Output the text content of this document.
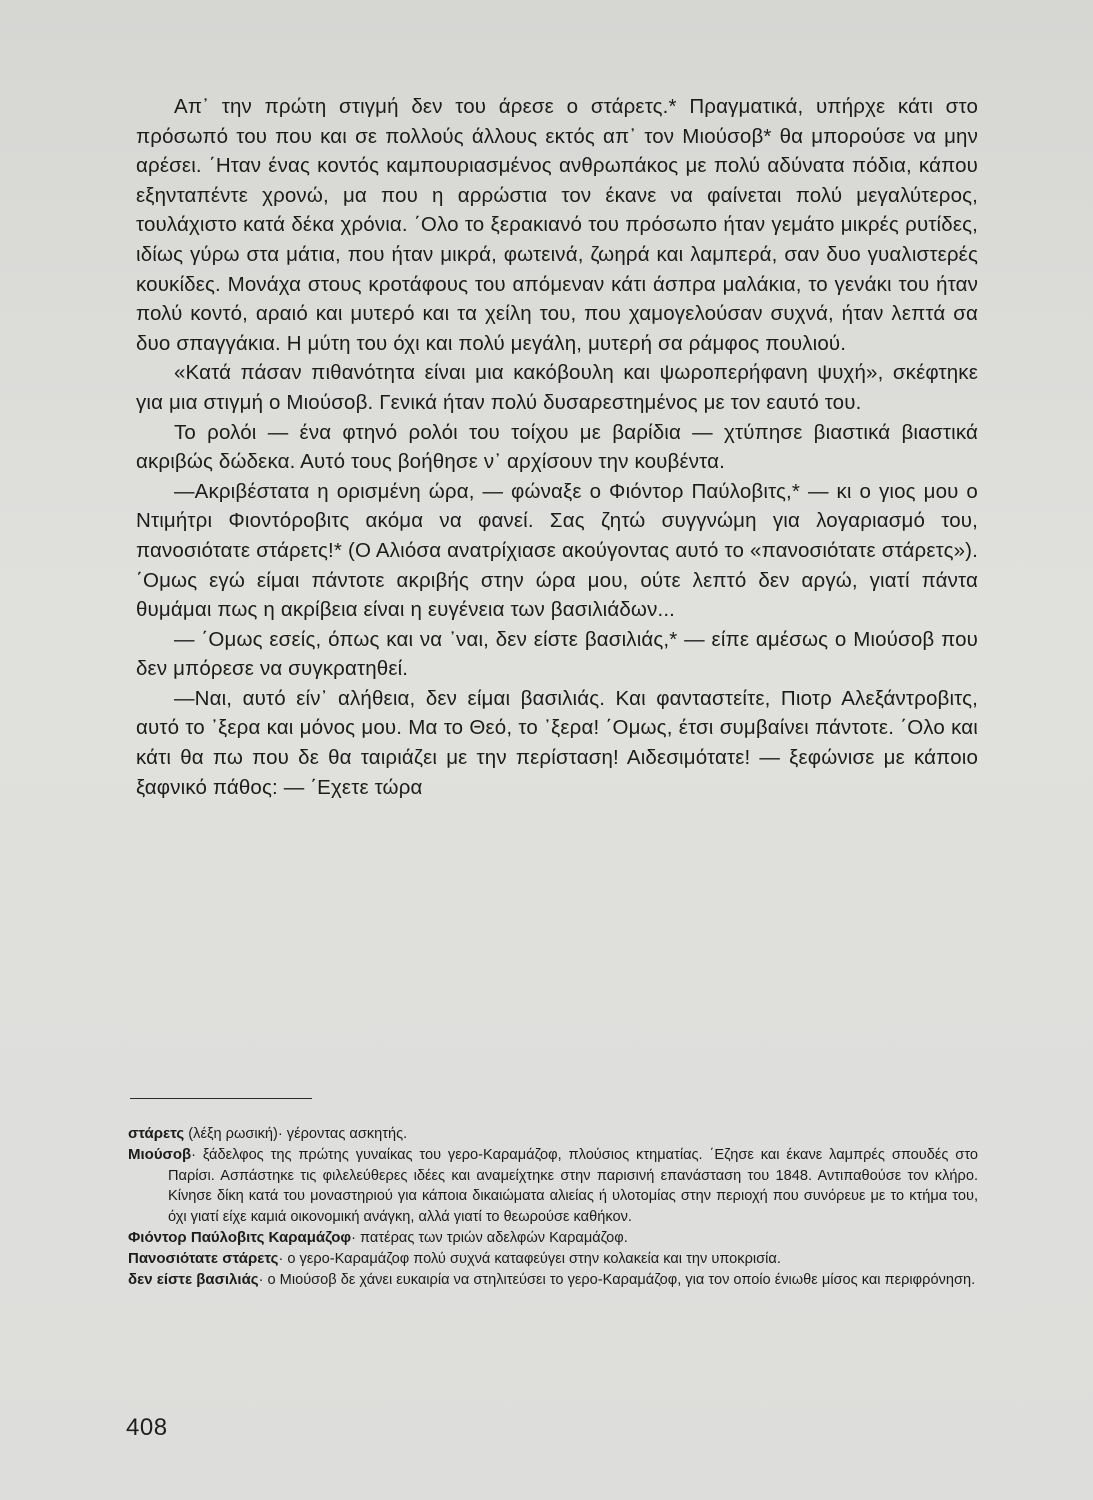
Απ᾿ την πρώτη στιγμή δεν του άρεσε ο στάρετς.* Πραγματικά, υπήρχε κάτι στο πρόσωπό του που και σε πολλούς άλλους εκτός απ᾿ τον Μιούσοβ* θα μπορούσε να μην αρέσει. ΄Ηταν ένας κοντός καμπουριασμένος ανθρωπάκος με πολύ αδύνατα πόδια, κάπου εξηνταπέντε χρονώ, μα που η αρρώστια τον έκανε να φαίνεται πολύ μεγαλύτερος, τουλάχιστο κατά δέκα χρόνια. ΄Ολο το ξερακιανό του πρόσωπο ήταν γεμάτο μικρές ρυτίδες, ιδίως γύρω στα μάτια, που ήταν μικρά, φωτεινά, ζωηρά και λαμπερά, σαν δυο γυαλιστερές κουκίδες. Μονάχα στους κροτάφους του απόμεναν κάτι άσπρα μαλάκια, το γενάκι του ήταν πολύ κοντό, αραιό και μυτερό και τα χείλη του, που χαμογελούσαν συχνά, ήταν λεπτά σα δυο σπαγγάκια. Η μύτη του όχι και πολύ μεγάλη, μυτερή σα ράμφος πουλιού.

«Κατά πάσαν πιθανότητα είναι μια κακόβουλη και ψωροπερήφανη ψυχή», σκέφτηκε για μια στιγμή ο Μιούσοβ. Γενικά ήταν πολύ δυσαρεστημένος με τον εαυτό του.

Το ρολόι — ένα φτηνό ρολόι του τοίχου με βαρίδια — χτύπησε βιαστικά βιαστικά ακριβώς δώδεκα. Αυτό τους βοήθησε ν᾿ αρχίσουν την κουβέντα.

—Ακριβέστατα η ορισμένη ώρα, — φώναξε ο Φιόντορ Παύλοβιτς,* — κι ο γιος μου ο Ντιμήτρι Φιοντόροβιτς ακόμα να φανεί. Σας ζητώ συγγνώμη για λογαριασμό του, πανοσιότατε στάρετς!* (Ο Αλιόσα ανατρίχιασε ακούγοντας αυτό το «πανοσιότατε στάρετς»). ΄Ομως εγώ είμαι πάντοτε ακριβής στην ώρα μου, ούτε λεπτό δεν αργώ, γιατί πάντα θυμάμαι πως η ακρίβεια είναι η ευγένεια των βασιλιάδων...

— ΄Ομως εσείς, όπως και να ᾿ναι, δεν είστε βασιλιάς,* — είπε αμέσως ο Μιούσοβ που δεν μπόρεσε να συγκρατηθεί.

—Ναι, αυτό είν᾿ αλήθεια, δεν είμαι βασιλιάς. Και φανταστείτε, Πιοτρ Αλεξάντροβιτς, αυτό το ᾿ξερα και μόνος μου. Μα το Θεό, το ᾿ξερα! ΄Ομως, έτσι συμβαίνει πάντοτε. ΄Ολο και κάτι θα πω που δε θα ταιριάζει με την περίσταση! Αιδεσιμότατε! — ξεφώνισε με κάποιο ξαφνικό πάθος: — ΄Εχετε τώρα

στάρετς (λέξη ρωσική)· γέροντας ασκητής.

Μιούσοβ· ξάδελφος της πρώτης γυναίκας του γερο-Καραμάζοφ, πλούσιος κτηματίας. ΄Εζησε και έκανε λαμπρές σπουδές στο Παρίσι. Ασπάστηκε τις φιλελεύθερες ιδέες και αναμείχτηκε στην παρισινή επανάσταση του 1848. Αντιπαθούσε τον κλήρο. Κίνησε δίκη κατά του μοναστηριού για κάποια δικαιώματα αλιείας ή υλοτομίας στην περιοχή που συνόρευε με το κτήμα του, όχι γιατί είχε καμιά οικονομική ανάγκη, αλλά γιατί το θεωρούσε καθήκον.

Φιόντορ Παύλοβιτς Καραμάζοφ· πατέρας των τριών αδελφών Καραμάζοφ.

Πανοσιότατε στάρετς· ο γερο-Καραμάζοφ πολύ συχνά καταφεύγει στην κολακεία και την υποκρισία.

δεν είστε βασιλιάς· ο Μιούσοβ δε χάνει ευκαιρία να στηλιτεύσει το γερο-Καραμάζοφ, για τον οποίο ένιωθε μίσος και περιφρόνηση.

408
